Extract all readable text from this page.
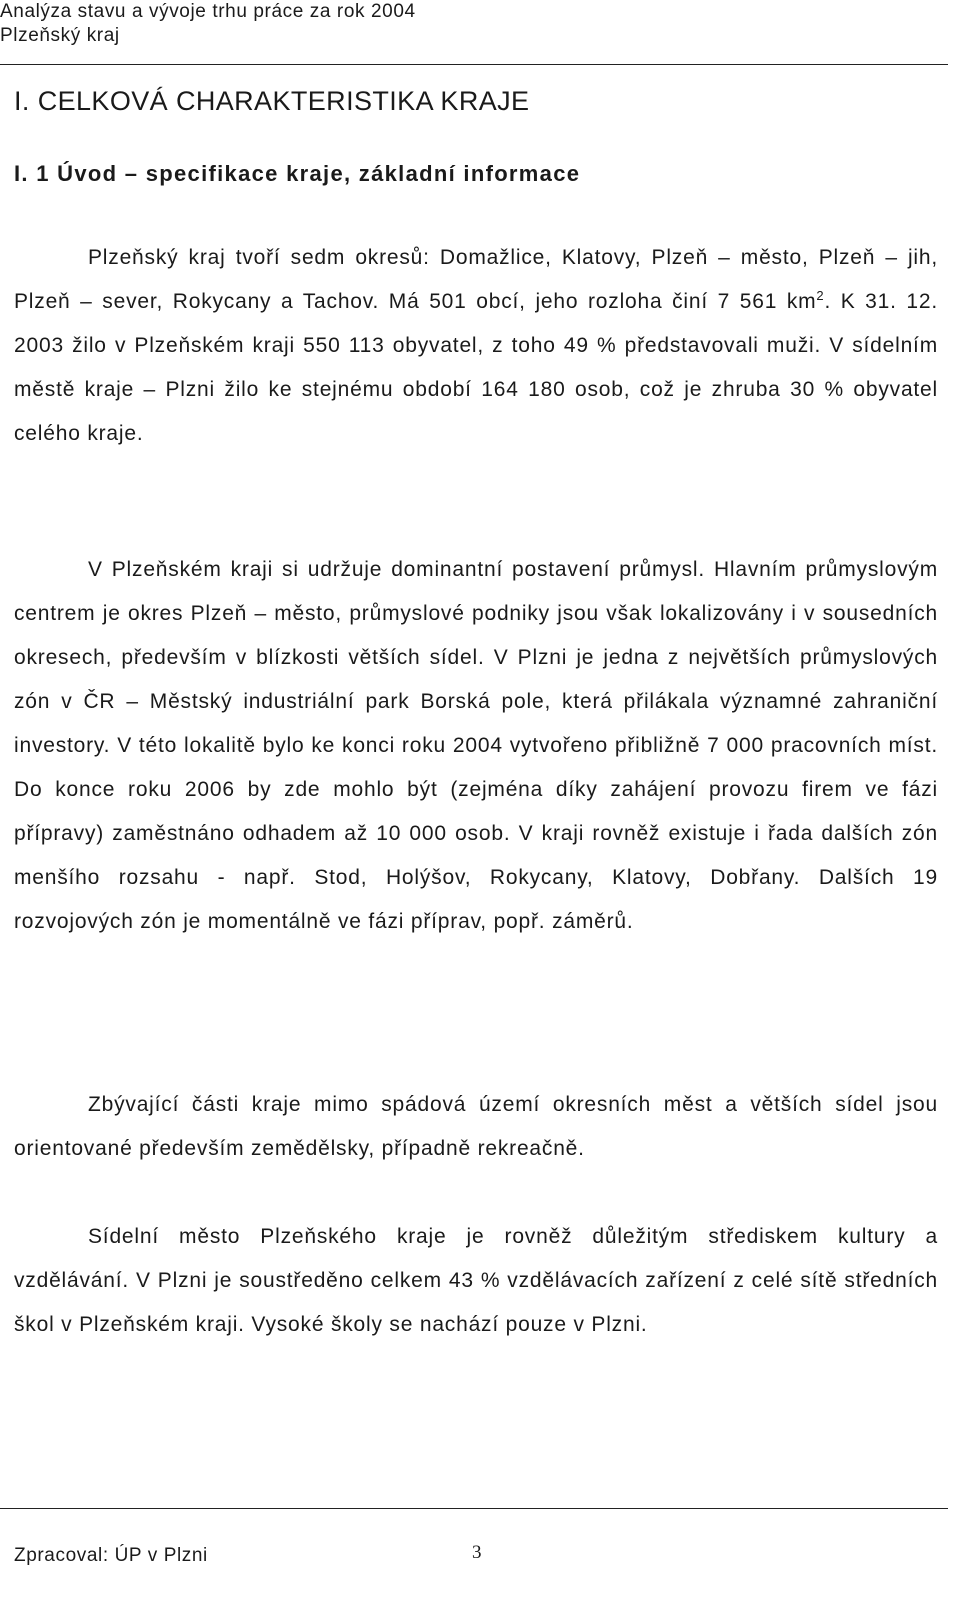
Analýza stavu a vývoje trhu práce za rok 2004
Plzeňský kraj
I. CELKOVÁ CHARAKTERISTIKA KRAJE
I. 1 Úvod – specifikace kraje, základní informace

Plzeňský kraj tvoří sedm okresů: Domažlice, Klatovy, Plzeň – město, Plzeň – jih, Plzeň – sever, Rokycany a Tachov. Má 501 obcí, jeho rozloha činí 7 561 $km^2$. K 31. 12. 2003 žilo v Plzeňském kraji 550 113 obyvatel, z toho 49 % představovali muži. V sídelním městě kraje – Plzni žilo ke stejnému období 164 180 osob, což je zhruba 30 % obyvatel celého kraje.

V Plzeňském kraji si udržuje dominantní postavení průmysl. Hlavním průmyslovým centrem je okres Plzeň – město, průmyslové podniky jsou však lokalizovány i v sousedních okresech, především v blízkosti větších sídel. V Plzni je jedna z největších průmyslových zón v ČR – Městský industriální park Borská pole, která přilákala významné zahraniční investory. V této lokalitě bylo ke konci roku 2004 vytvořeno přibližně 7 000 pracovních míst. Do konce roku 2006 by zde mohlo být (zejména díky zahájení provozu firem ve fázi přípravy) zaměstnáno odhadem až 10 000 osob. V kraji rovněž existuje i řada dalších zón menšího rozsahu - např. Stod, Holýšov, Rokycany, Klatovy, Dobřany. Dalších 19 rozvojových zón je momentálně ve fázi příprav, popř. záměrů.

Zbývající části kraje mimo spádová území okresních měst a větších sídel jsou orientované především zemědělsky, případně rekreačně.

Sídelní město Plzeňského kraje je rovněž důležitým střediskem kultury a vzdělávání. V Plzni je soustředěno celkem 43 % vzdělávacích zařízení z celé sítě středních škol v Plzeňském kraji. Vysoké školy se nachází pouze v Plzni.

Zpracoval: ÚP v Plzni	3
